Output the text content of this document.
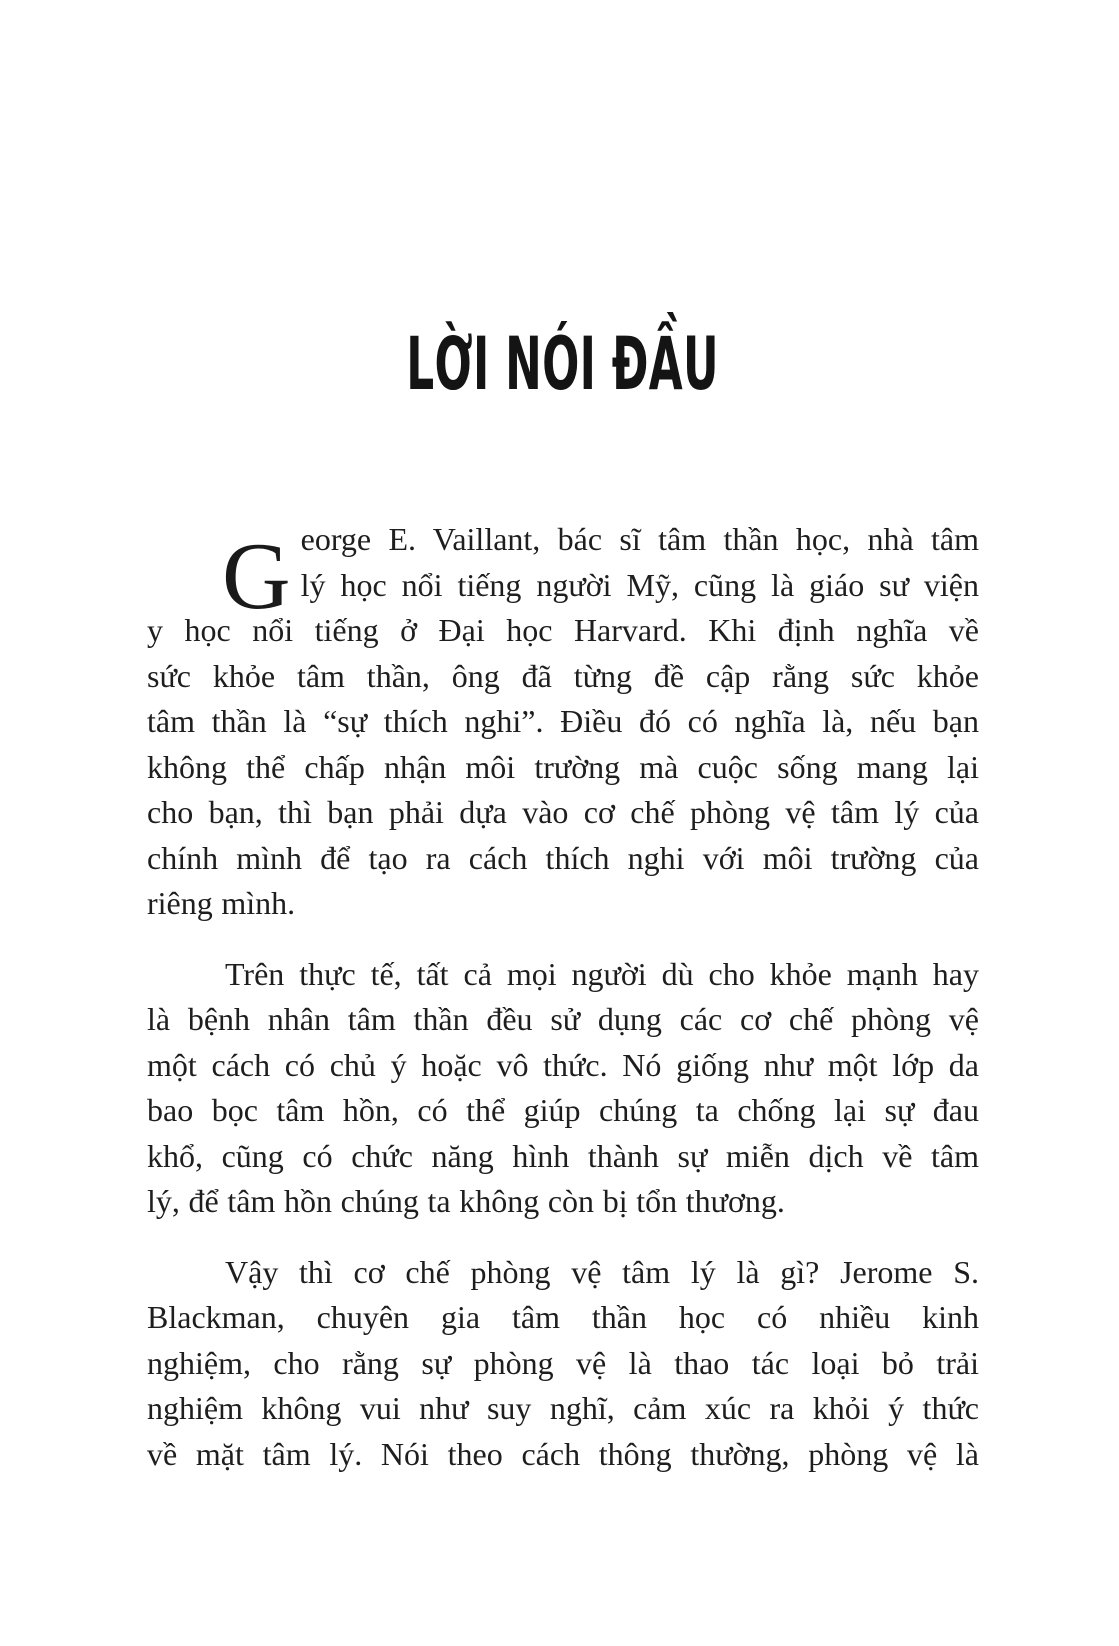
LỜI NÓI ĐẦU
G eorge E. Vaillant, bác sĩ tâm thần học, nhà tâm
lý học nổi tiếng người Mỹ, cũng là giáo sư viện
y học nổi tiếng ở Đại học Harvard. Khi định nghĩa về
sức khỏe tâm thần, ông đã từng đề cập rằng sức khỏe
tâm thần là “sự thích nghi”. Điều đó có nghĩa là, nếu bạn
không thể chấp nhận môi trường mà cuộc sống mang lại
cho bạn, thì bạn phải dựa vào cơ chế phòng vệ tâm lý của
chính mình để tạo ra cách thích nghi với môi trường của
riêng mình.
Trên thực tế, tất cả mọi người dù cho khỏe mạnh hay
là bệnh nhân tâm thần đều sử dụng các cơ chế phòng vệ
một cách có chủ ý hoặc vô thức. Nó giống như một lớp da
bao bọc tâm hồn, có thể giúp chúng ta chống lại sự đau
khổ, cũng có chức năng hình thành sự miễn dịch về tâm
lý, để tâm hồn chúng ta không còn bị tổn thương.
Vậy thì cơ chế phòng vệ tâm lý là gì? Jerome S.
Blackman, chuyên gia tâm thần học có nhiều kinh
nghiệm, cho rằng sự phòng vệ là thao tác loại bỏ trải
nghiệm không vui như suy nghĩ, cảm xúc ra khỏi ý thức
về mặt tâm lý. Nói theo cách thông thường, phòng vệ là
